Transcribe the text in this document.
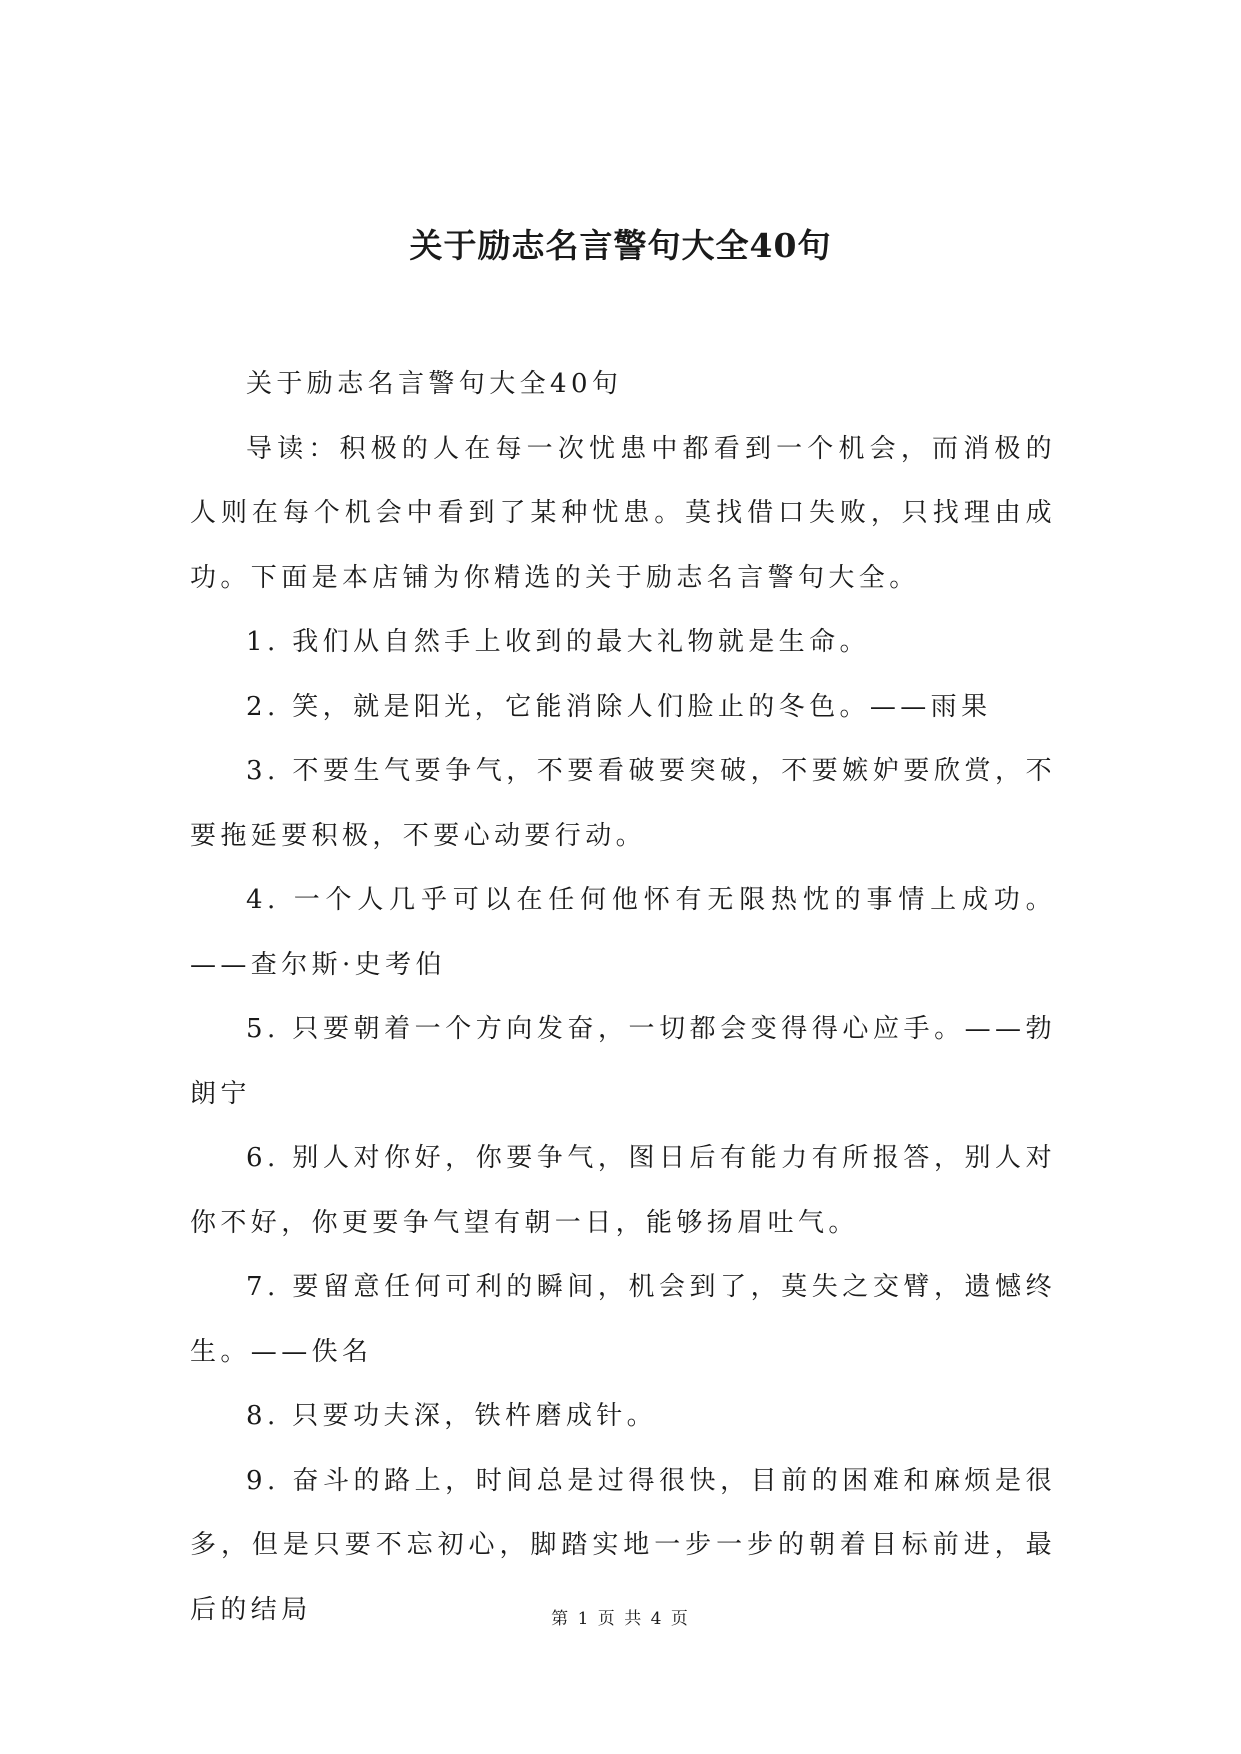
关于励志名言警句大全40句

关于励志名言警句大全40句

导读：积极的人在每一次忧患中都看到一个机会，而消极的人则在每个机会中看到了某种忧患。莫找借口失败，只找理由成功。下面是本店铺为你精选的关于励志名言警句大全。

1. 我们从自然手上收到的最大礼物就是生命。

2. 笑，就是阳光，它能消除人们脸止的冬色。——雨果

3. 不要生气要争气，不要看破要突破，不要嫉妒要欣赏，不要拖延要积极，不要心动要行动。

4. 一个人几乎可以在任何他怀有无限热忱的事情上成功。 ——查尔斯·史考伯

5. 只要朝着一个方向发奋，一切都会变得得心应手。——勃朗宁

6. 别人对你好，你要争气，图日后有能力有所报答，别人对你不好，你更要争气望有朝一日，能够扬眉吐气。

7. 要留意任何可利的瞬间，机会到了，莫失之交臂，遗憾终生。——佚名

8. 只要功夫深，铁杵磨成针。

9. 奋斗的路上，时间总是过得很快，目前的困难和麻烦是很多，但是只要不忘初心，脚踏实地一步一步的朝着目标前进，最后的结局	第 1 页 共 4 页
